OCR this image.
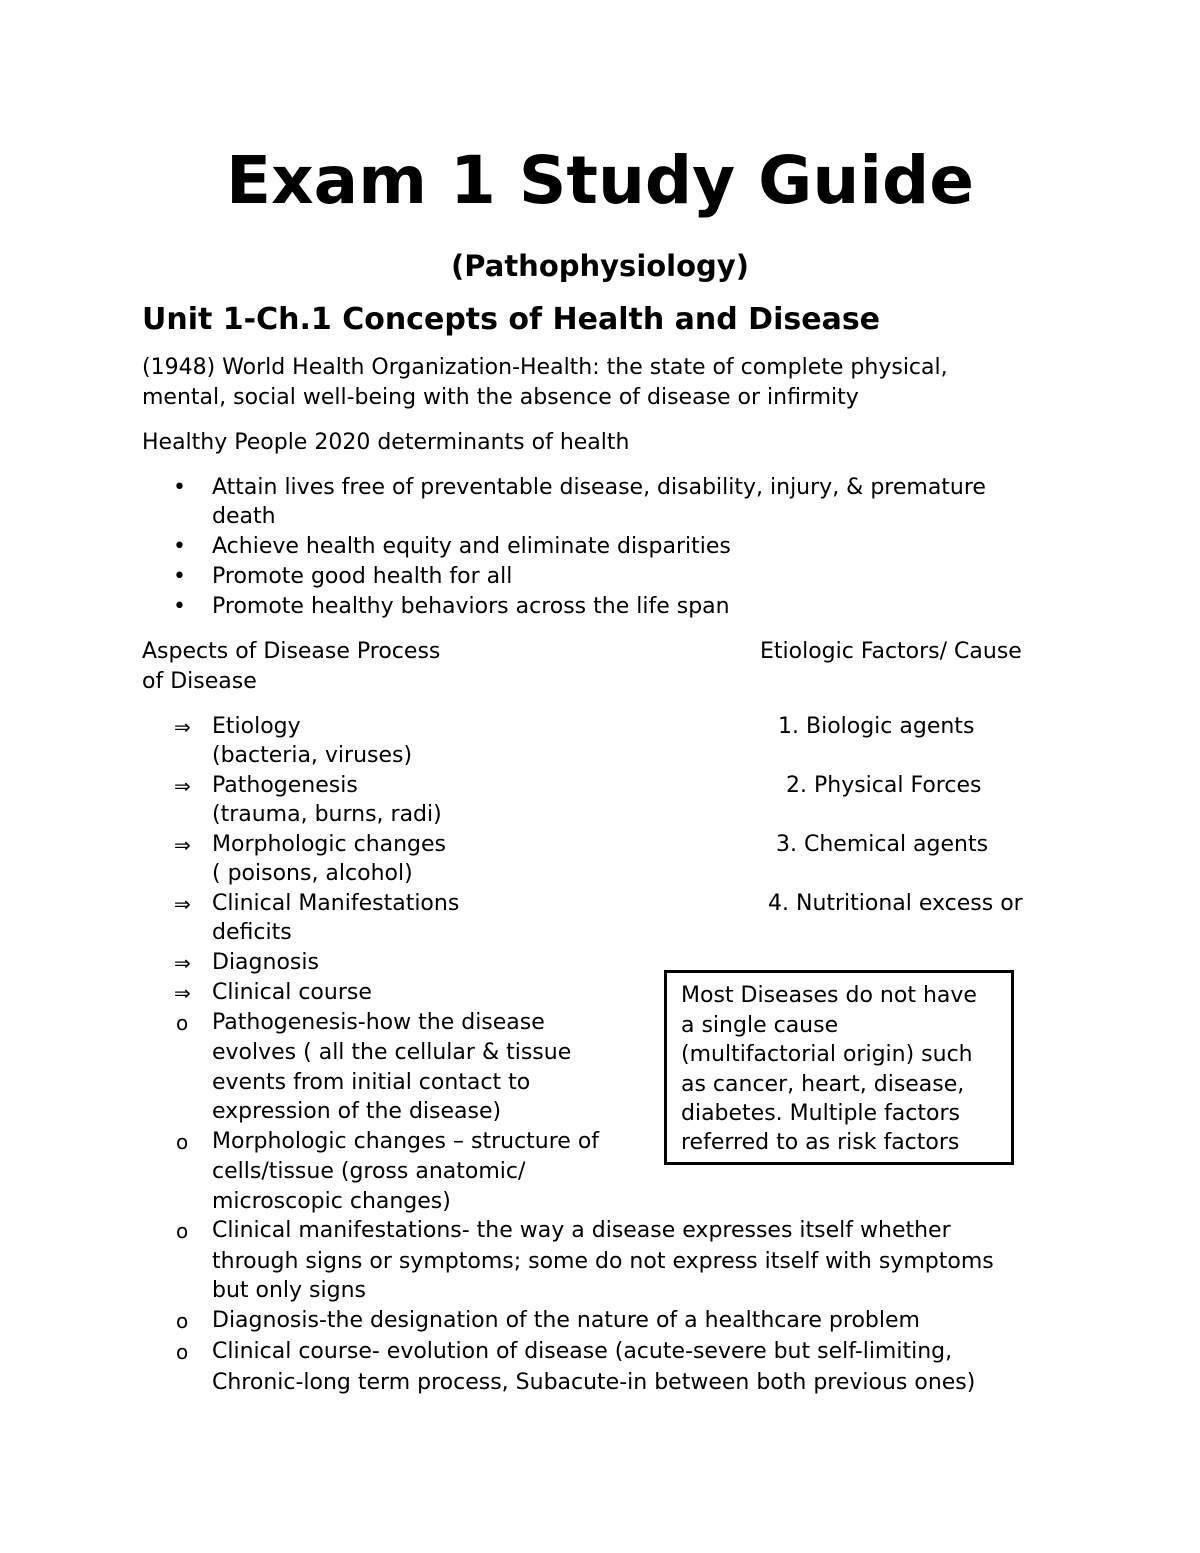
Exam 1 Study Guide
(Pathophysiology)
Unit 1-Ch.1 Concepts of Health and Disease
(1948) World Health Organization-Health: the state of complete physical,
mental, social well-being with the absence of disease or infirmity
Healthy People 2020 determinants of health
• Attain lives free of preventable disease, disability, injury, & premature
death
• Achieve health equity and eliminate disparities
• Promote good health for all
• Promote healthy behaviors across the life span
Aspects of Disease Process	Etiologic Factors/ Cause
of Disease
⇒ Etiology	1. Biologic agents
(bacteria, viruses)
⇒ Pathogenesis	2. Physical Forces
(trauma, burns, radi)
⇒ Morphologic changes	3. Chemical agents
( poisons, alcohol)
⇒ Clinical Manifestations	4. Nutritional excess or
deficits
⇒ Diagnosis
⇒ Clinical course	Most Diseases do not have
a single cause
(multifactorial origin) such
as cancer, heart, disease,
diabetes. Multiple factors
referred to as risk factors
o Pathogenesis-how the disease
evolves ( all the cellular & tissue
events from initial contact to
expression of the disease)
o Morphologic changes – structure of
cells/tissue (gross anatomic/
microscopic changes)
o Clinical manifestations- the way a disease expresses itself whether
through signs or symptoms; some do not express itself with symptoms
but only signs
o Diagnosis-the designation of the nature of a healthcare problem
o Clinical course- evolution of disease (acute-severe but self-limiting,
Chronic-long term process, Subacute-in between both previous ones)
